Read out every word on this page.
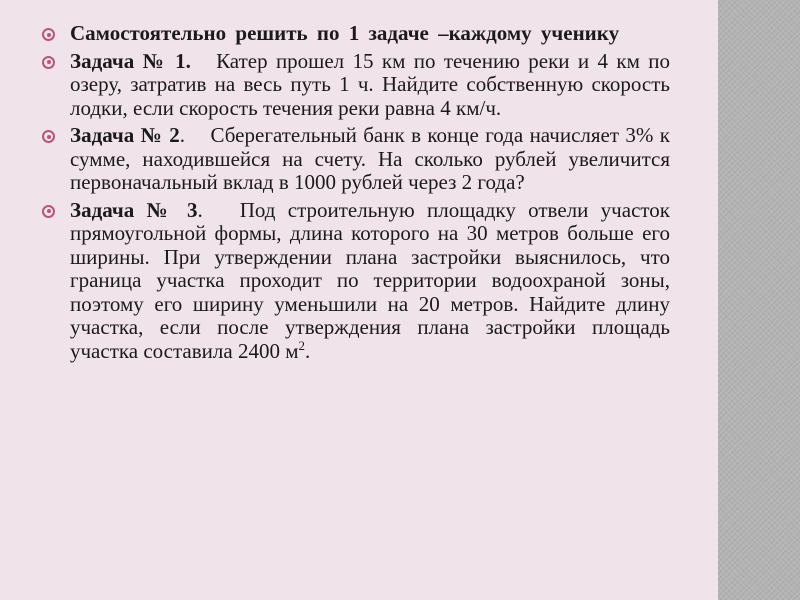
Самостоятельно решить по 1 задаче –каждому ученику
Задача № 1. Катер прошел 15 км по течению реки и 4 км по озеру, затратив на весь путь 1 ч. Найдите собственную скорость лодки, если скорость течения реки равна 4 км/ч.
Задача № 2. Сберегательный банк в конце года начисляет 3% к сумме, находившейся на счету. На сколько рублей увеличится первоначальный вклад в 1000 рублей через 2 года?
Задача № 3. Под строительную площадку отвели участок прямоугольной формы, длина которого на 30 метров больше его ширины. При утверждении плана застройки выяснилось, что граница участка проходит по территории водоохраной зоны, поэтому его ширину уменьшили на 20 метров. Найдите длину участка, если после утверждения плана застройки площадь участка составила 2400 $м^2$.
